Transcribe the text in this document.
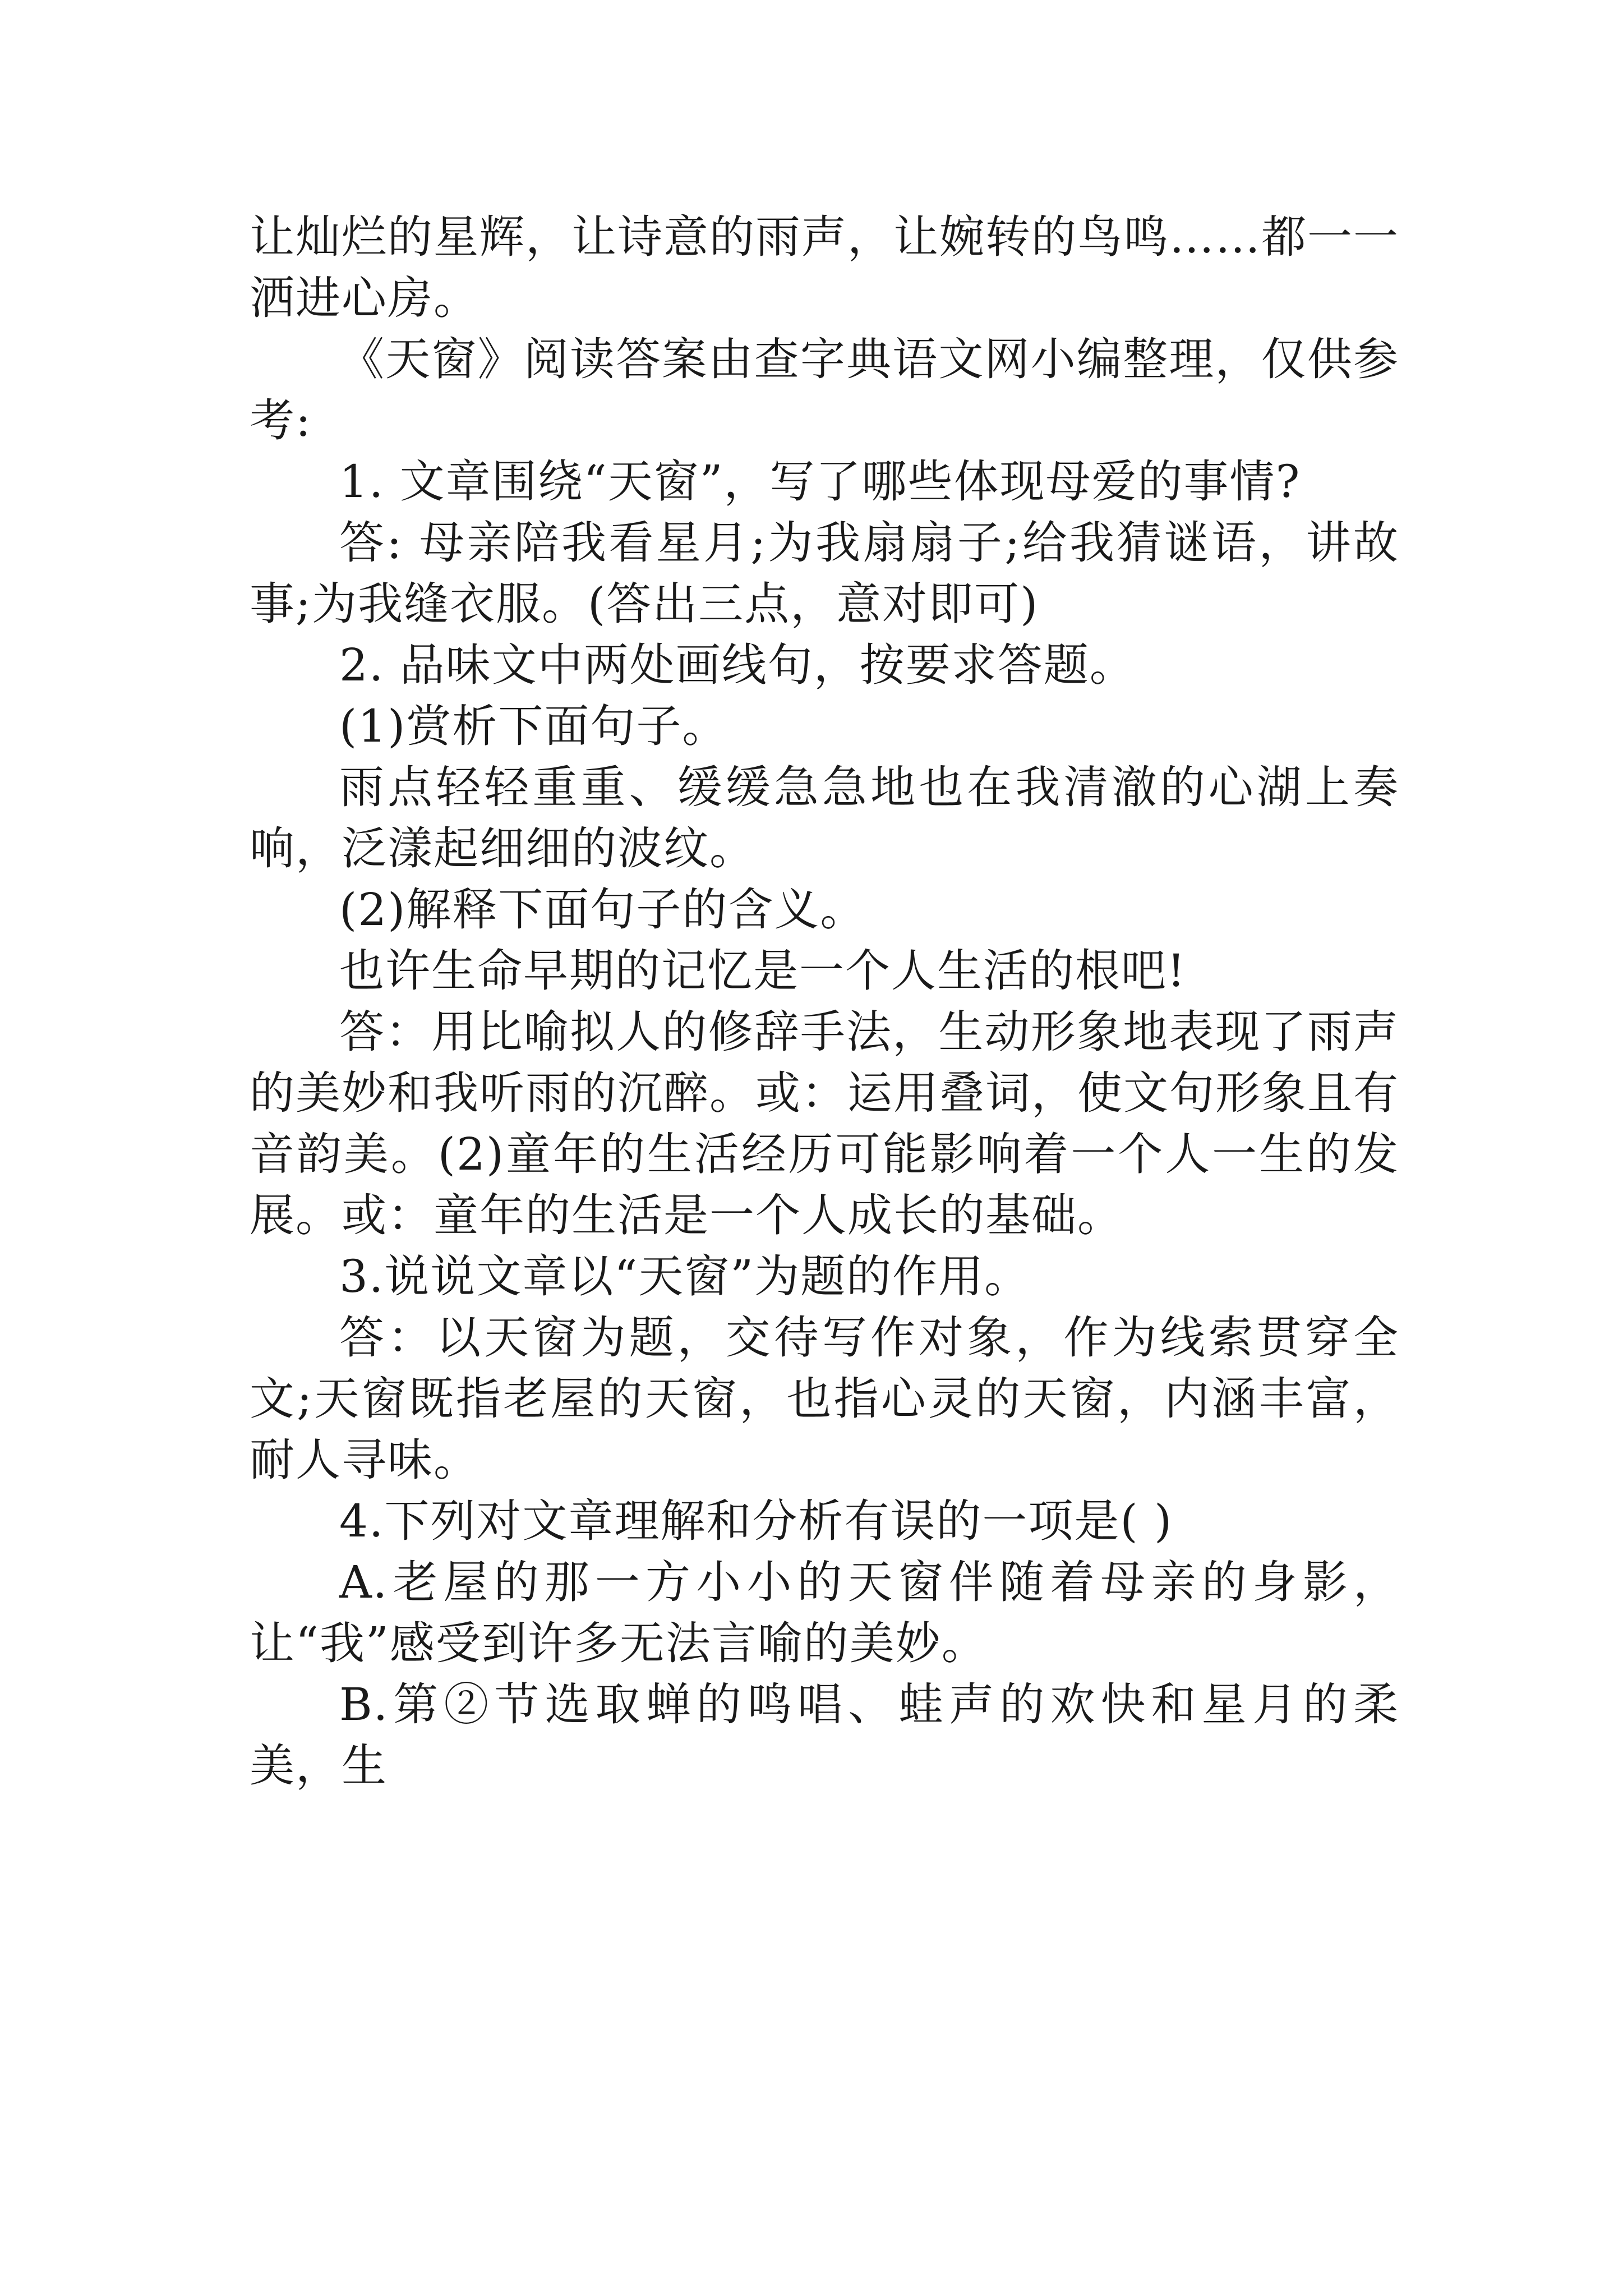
让灿烂的星辉，让诗意的雨声，让婉转的鸟鸣……都一一洒进心房。

《天窗》阅读答案由查字典语文网小编整理，仅供参考:

1. 文章围绕“天窗”，写了哪些体现母爱的事情?

答: 母亲陪我看星月;为我扇扇子;给我猜谜语，讲故事;为我缝衣服。(答出三点，意对即可)

2. 品味文中两处画线句，按要求答题。

(1)赏析下面句子。

雨点轻轻重重、缓缓急急地也在我清澈的心湖上奏响，泛漾起细细的波纹。

(2)解释下面句子的含义。

也许生命早期的记忆是一个人生活的根吧!

答：用比喻拟人的修辞手法，生动形象地表现了雨声的美妙和我听雨的沉醉。或：运用叠词，使文句形象且有音韵美。(2)童年的生活经历可能影响着一个人一生的发展。或：童年的生活是一个人成长的基础。

3.说说文章以“天窗”为题的作用。

答：以天窗为题，交待写作对象，作为线索贯穿全文;天窗既指老屋的天窗，也指心灵的天窗，内涵丰富，耐人寻味。

4.下列对文章理解和分析有误的一项是( )

A.老屋的那一方小小的天窗伴随着母亲的身影，让“我”感受到许多无法言喻的美妙。

B.第②节选取蝉的鸣唱、蛙声的欢快和星月的柔美，生
